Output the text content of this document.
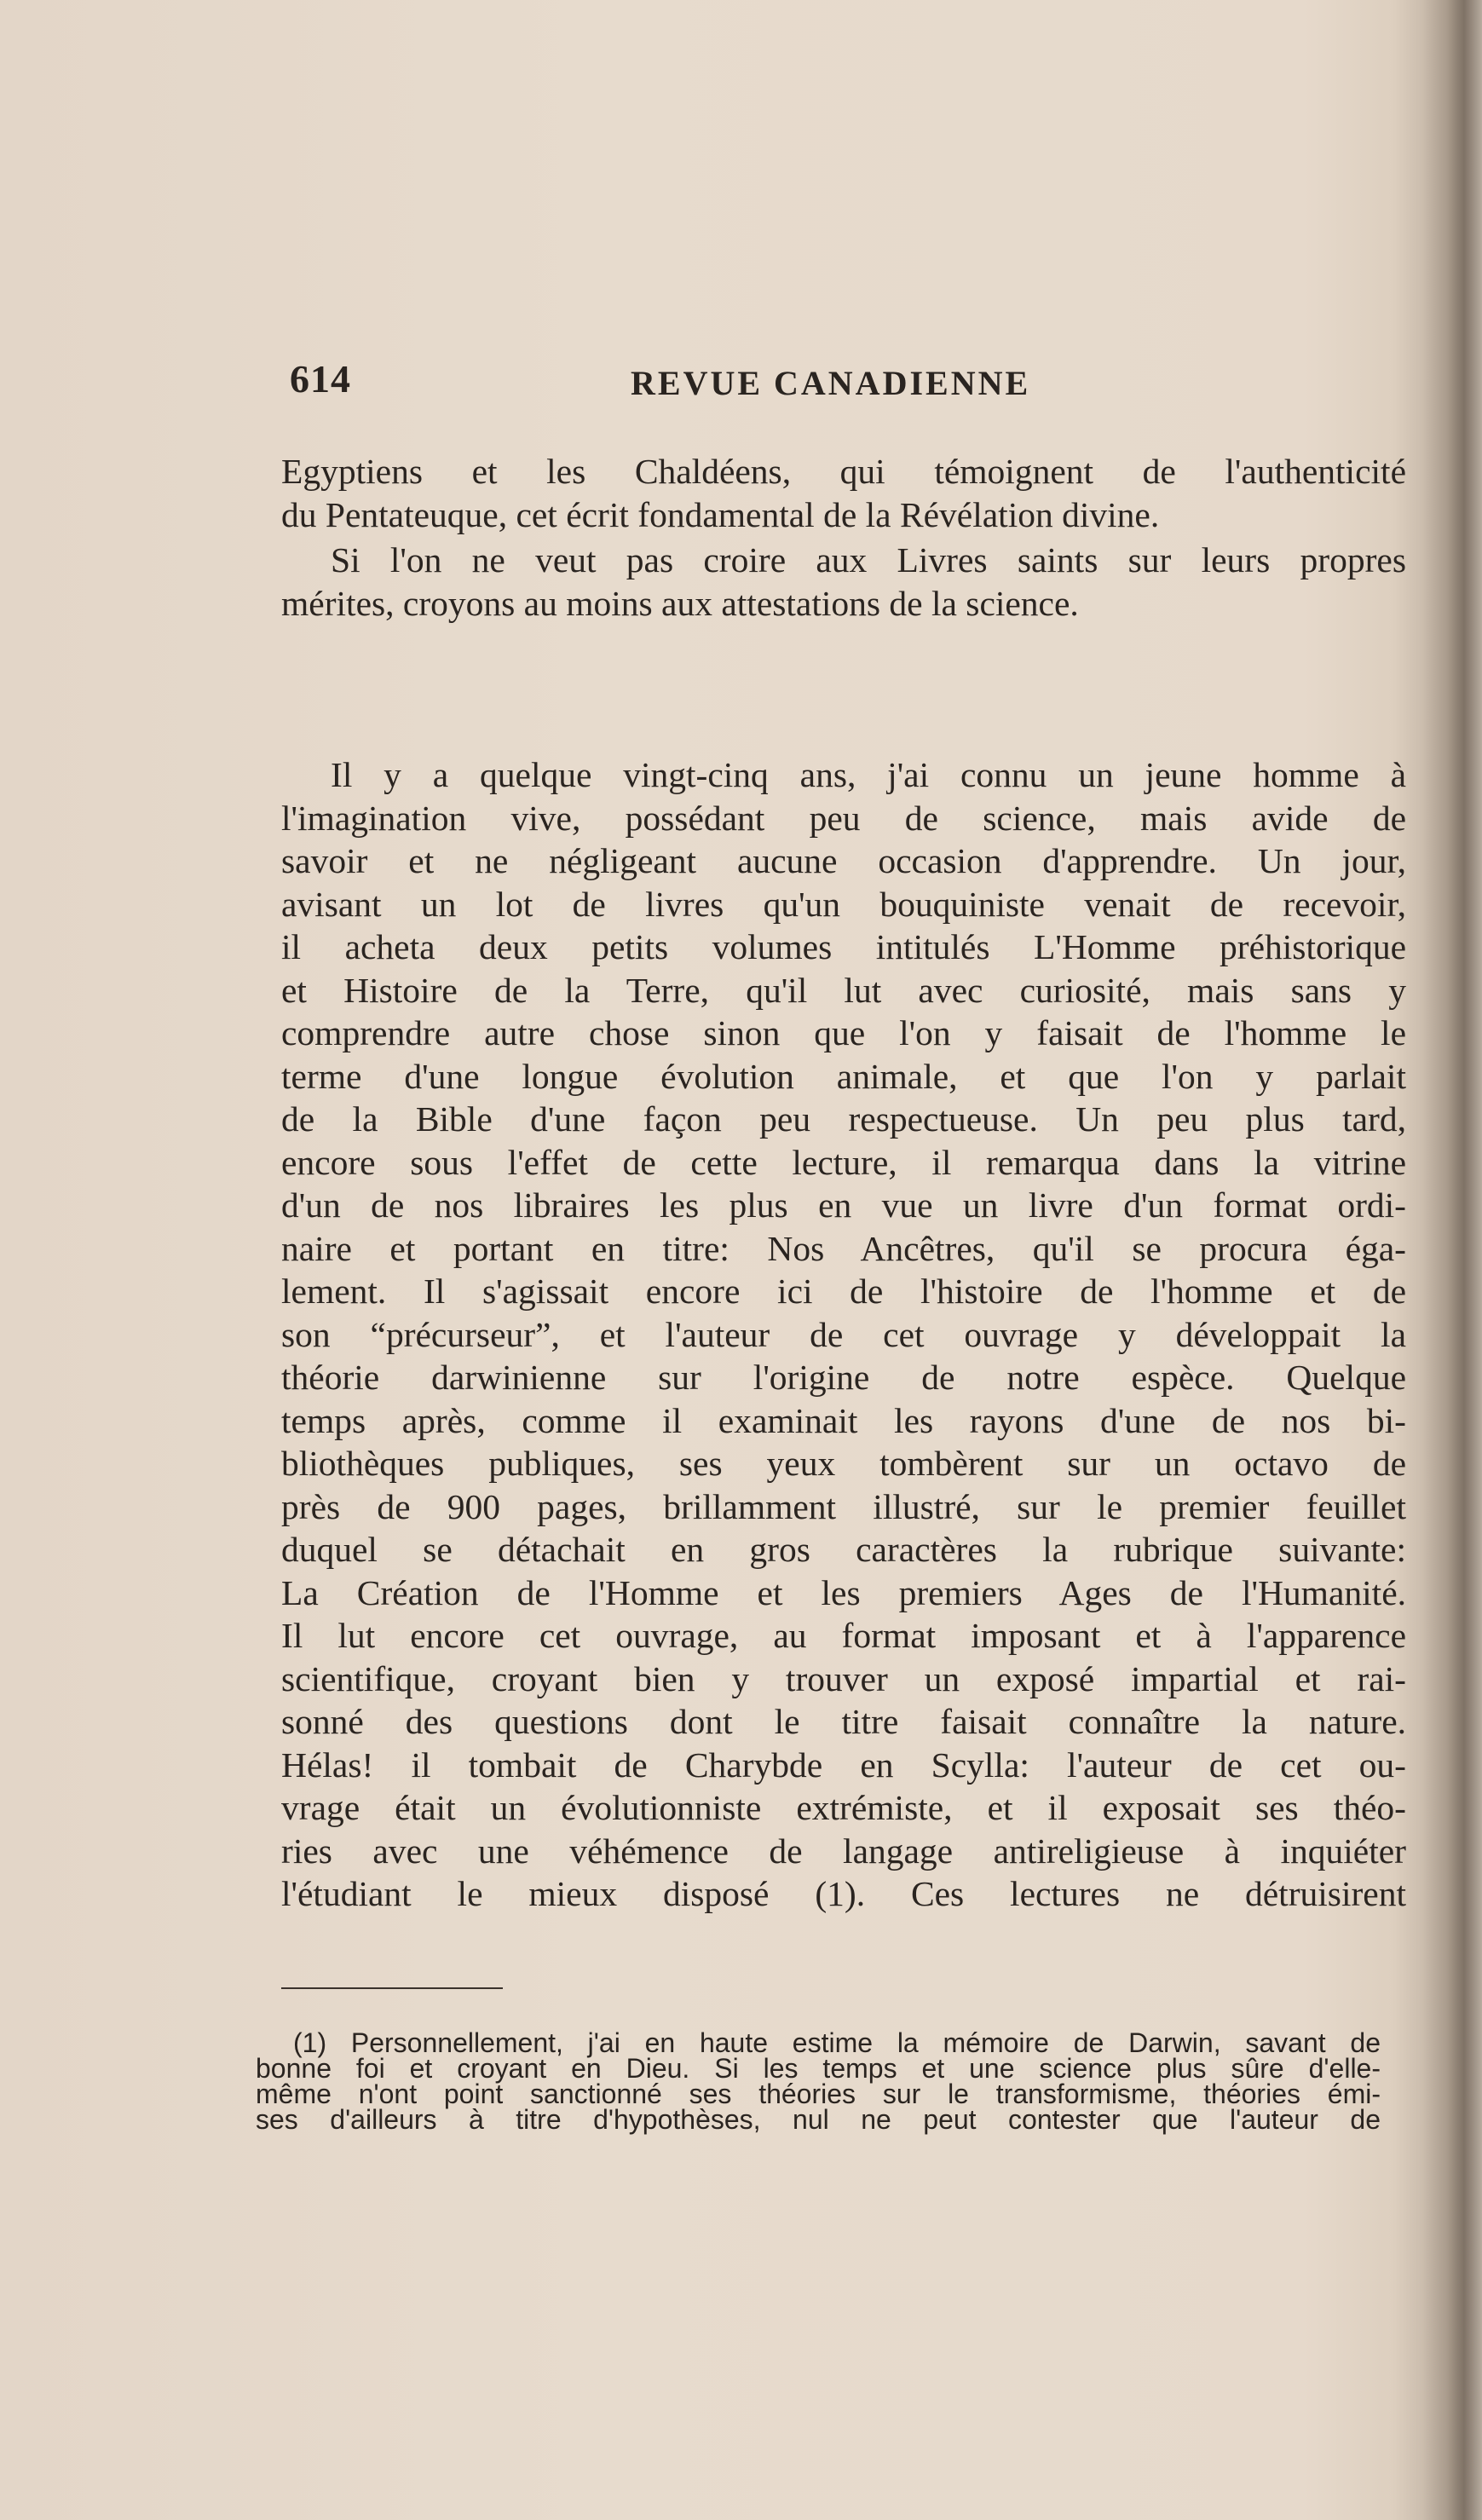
614	REVUE CANADIENNE

Egyptiens et les Chaldéens, qui témoignent de l'authenticité
du Pentateuque, cet écrit fondamental de la Révélation divine.

Si l'on ne veut pas croire aux Livres saints sur leurs propres
mérites, croyons au moins aux attestations de la science.

Il y a quelque vingt-cinq ans, j'ai connu un jeune homme à
l'imagination vive, possédant peu de science, mais avide de
savoir et ne négligeant aucune occasion d'apprendre. Un jour,
avisant un lot de livres qu'un bouquiniste venait de recevoir,
il acheta deux petits volumes intitulés L'Homme préhistorique
et Histoire de la Terre, qu'il lut avec curiosité, mais sans y
comprendre autre chose sinon que l'on y faisait de l'homme le
terme d'une longue évolution animale, et que l'on y parlait
de la Bible d'une façon peu respectueuse. Un peu plus tard,
encore sous l'effet de cette lecture, il remarqua dans la vitrine
d'un de nos libraires les plus en vue un livre d'un format ordi-
naire et portant en titre: Nos Ancêtres, qu'il se procura éga-
lement. Il s'agissait encore ici de l'histoire de l'homme et de
son “précurseur”, et l'auteur de cet ouvrage y développait la
théorie darwinienne sur l'origine de notre espèce. Quelque
temps après, comme il examinait les rayons d'une de nos bi-
bliothèques publiques, ses yeux tombèrent sur un octavo de
près de 900 pages, brillamment illustré, sur le premier feuillet
duquel se détachait en gros caractères la rubrique suivante:
La Création de l'Homme et les premiers Ages de l'Humanité.
Il lut encore cet ouvrage, au format imposant et à l'apparence
scientifique, croyant bien y trouver un exposé impartial et rai-
sonné des questions dont le titre faisait connaître la nature.
Hélas! il tombait de Charybde en Scylla: l'auteur de cet ou-
vrage était un évolutionniste extrémiste, et il exposait ses théo-
ries avec une véhémence de langage antireligieuse à inquiéter
l'étudiant le mieux disposé (1). Ces lectures ne détruisirent

(1) Personnellement, j'ai en haute estime la mémoire de Darwin, savant de
bonne foi et croyant en Dieu. Si les temps et une science plus sûre d'elle-
même n'ont point sanctionné ses théories sur le transformisme, théories émi-
ses d'ailleurs à titre d'hypothèses, nul ne peut contester que l'auteur de
